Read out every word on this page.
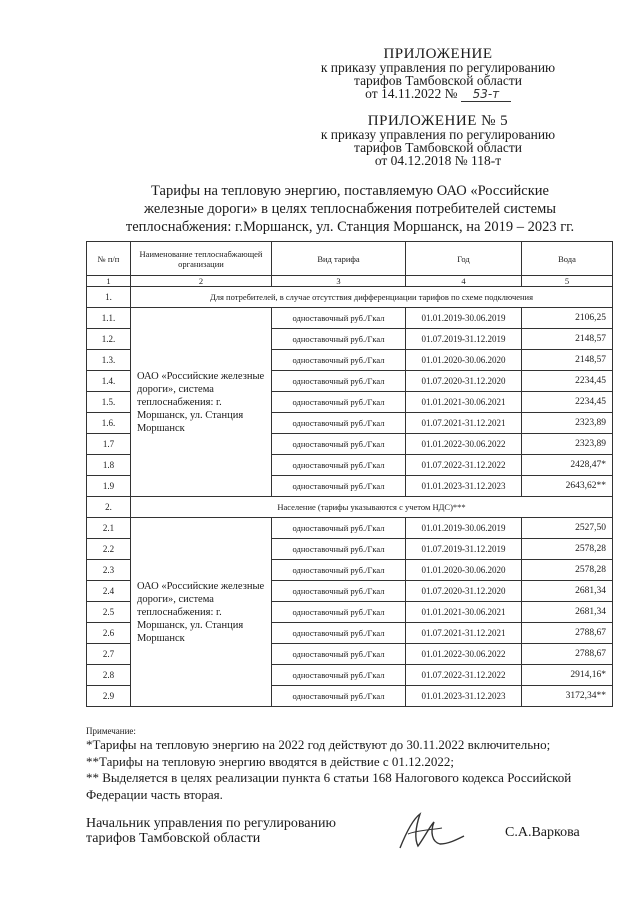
ПРИЛОЖЕНИЕ
к приказу управления по регулированию
тарифов Тамбовской области
от 14.11.2022 № 53-т
ПРИЛОЖЕНИЕ № 5
к приказу управления по регулированию
тарифов Тамбовской области
от 04.12.2018 № 118-т
Тарифы на тепловую энергию, поставляемую ОАО «Российские
железные дороги» в целях теплоснабжения потребителей системы
теплоснабжения: г.Моршанск, ул. Станция Моршанск, на 2019 – 2023 гг.
№ п/п	Наименование теплоснабжающей организации	Вид тарифа	Год	Вода
1	2	3	4	5
1.	Для потребителей, в случае отсутствия дифференциации тарифов по схеме подключения			
1.1.	ОАО «Российские железные дороги», система теплоснабжения: г. Моршанск, ул. Станция Моршанск	одноставочный руб./Гкал	01.01.2019-30.06.2019	2106,25
1.2.		одноставочный руб./Гкал	01.07.2019-31.12.2019	2148,57
1.3.		одноставочный руб./Гкал	01.01.2020-30.06.2020	2148,57
1.4.		одноставочный руб./Гкал	01.07.2020-31.12.2020	2234,45
1.5.		одноставочный руб./Гкал	01.01.2021-30.06.2021	2234,45
1.6.		одноставочный руб./Гкал	01.07.2021-31.12.2021	2323,89
1.7		одноставочный руб./Гкал	01.01.2022-30.06.2022	2323,89
1.8		одноставочный руб./Гкал	01.07.2022-31.12.2022	2428,47*
1.9		одноставочный руб./Гкал	01.01.2023-31.12.2023	2643,62**
2.	Население (тарифы указываются с учетом НДС)***			
2.1	ОАО «Российские железные дороги», система теплоснабжения: г. Моршанск, ул. Станция Моршанск	одноставочный руб./Гкал	01.01.2019-30.06.2019	2527,50
2.2		одноставочный руб./Гкал	01.07.2019-31.12.2019	2578,28
2.3		одноставочный руб./Гкал	01.01.2020-30.06.2020	2578,28
2.4		одноставочный руб./Гкал	01.07.2020-31.12.2020	2681,34
2.5		одноставочный руб./Гкал	01.01.2021-30.06.2021	2681,34
2.6		одноставочный руб./Гкал	01.07.2021-31.12.2021	2788,67
2.7		одноставочный руб./Гкал	01.01.2022-30.06.2022	2788,67
2.8		одноставочный руб./Гкал	01.07.2022-31.12.2022	2914,16*
2.9		одноставочный руб./Гкал	01.01.2023-31.12.2023	3172,34**
Примечание:
*Тарифы на тепловую энергию на 2022 год действуют до 30.11.2022 включительно;
**Тарифы на тепловую энергию вводятся в действие с 01.12.2022;
** Выделяется в целях реализации пункта 6 статьи 168 Налогового кодекса Российской
Федерации часть вторая.
Начальник управления по регулированию
тарифов Тамбовской области	С.А.Варкова
